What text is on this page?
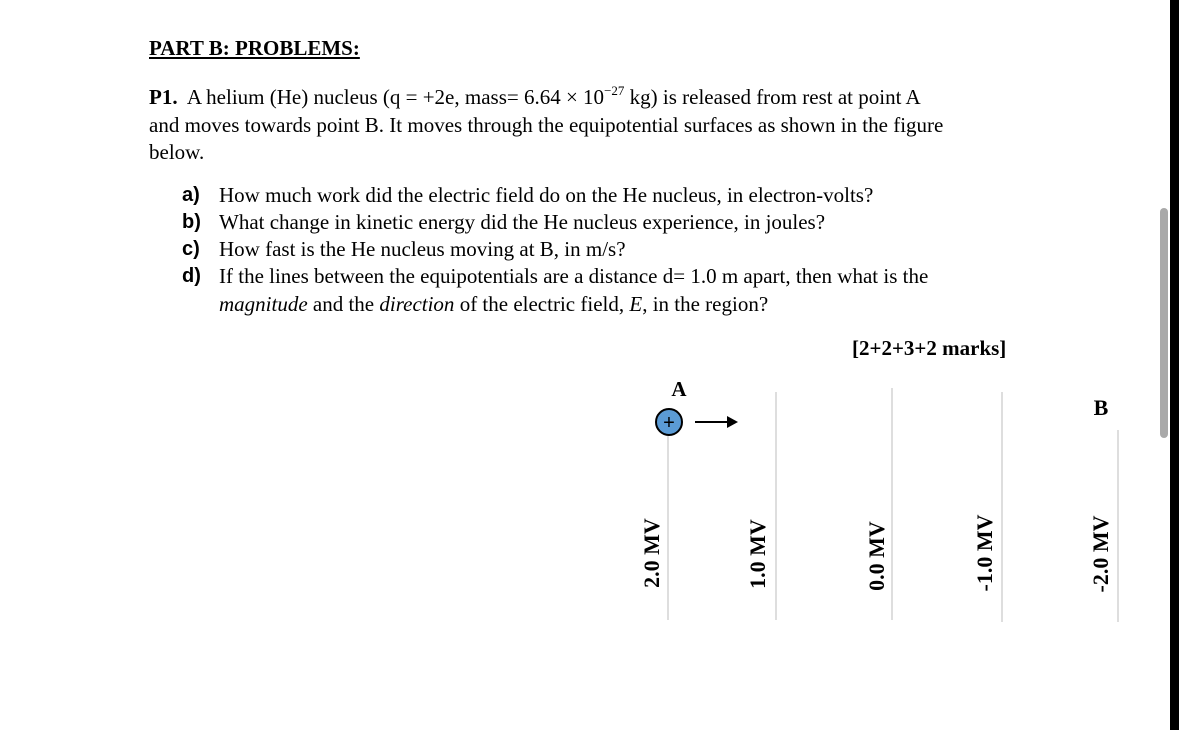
PART B: PROBLEMS:
P1. A helium (He) nucleus (q = +2e, mass= $6.64 \times 10^{-27}$ kg) is released from rest at point A
and moves towards point B. It moves through the equipotential surfaces as shown in the figure
below.
a) How much work did the electric field do on the He nucleus, in electron-volts?
b) What change in kinetic energy did the He nucleus experience, in joules?
c) How fast is the He nucleus moving at B, in m/s?
d) If the lines between the equipotentials are a distance d= 1.0 m apart, then what is the
magnitude and the direction of the electric field, E, in the region?
[2+2+3+2 marks]
+
A
B
2.0 MV	1.0 MV	0.0 MV	-1.0 MV	-2.0 MV
